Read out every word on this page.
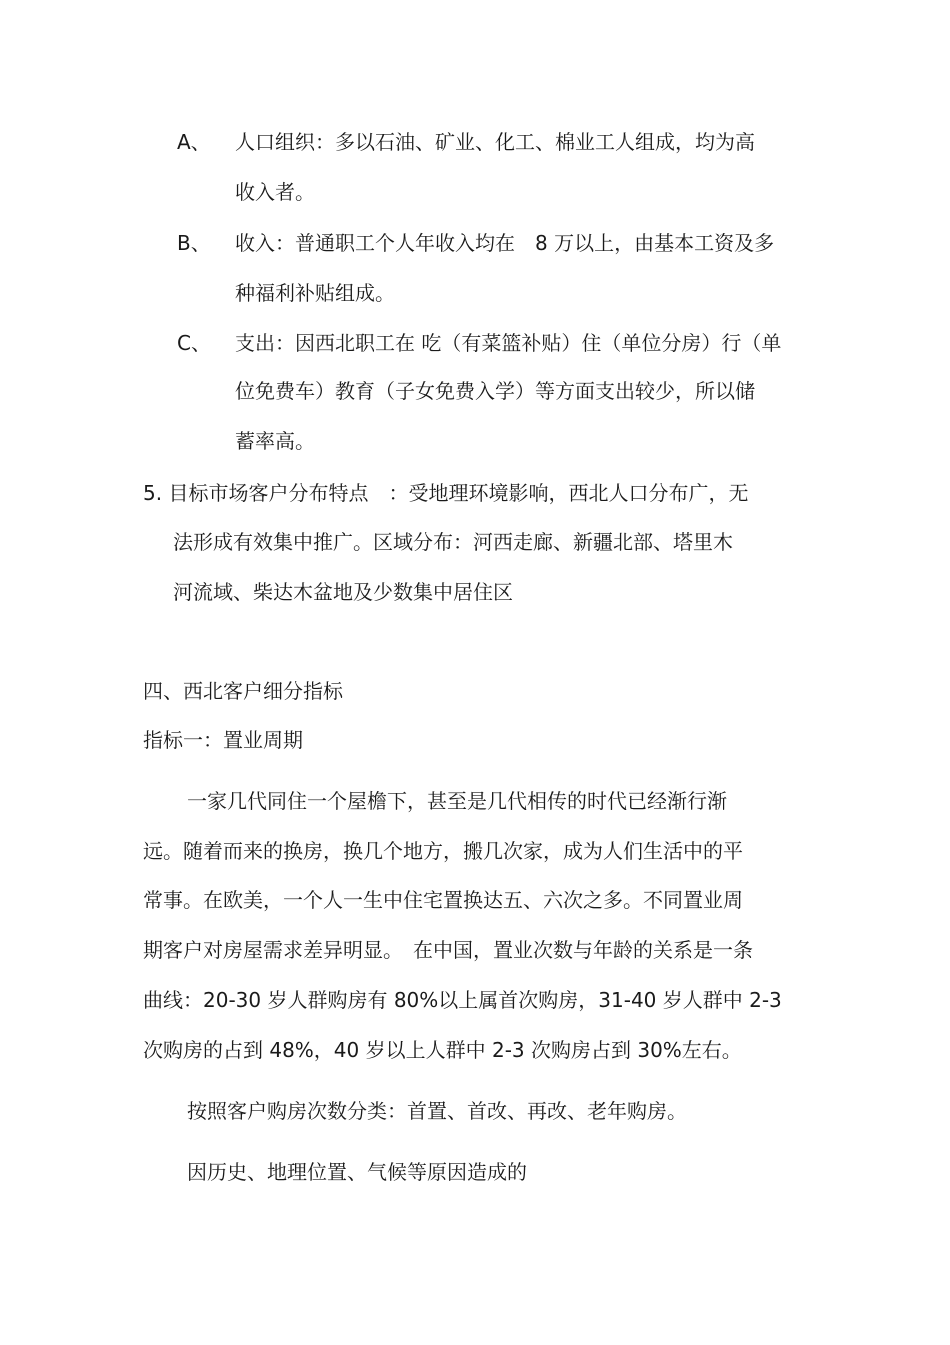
A、 人口组织：多以石油、矿业、化工、棉业工人组成，均为高
收入者。
B、 收入：普通职工个人年收入均在　8 万以上，由基本工资及多
种福利补贴组成。
C、 支出：因西北职工在 吃（有菜篮补贴）住（单位分房）行（单
位免费车）教育（子女免费入学）等方面支出较少，所以储
蓄率高。
5. 目标市场客户分布特点　：受地理环境影响，西北人口分布广，无
法形成有效集中推广。区域分布：河西走廊、新疆北部、塔里木
河流域、柴达木盆地及少数集中居住区
四、西北客户细分指标
指标一：置业周期
一家几代同住一个屋檐下，甚至是几代相传的时代已经渐行渐
远。随着而来的换房，换几个地方，搬几次家，成为人们生活中的平
常事。在欧美，一个人一生中住宅置换达五、六次之多。不同置业周
期客户对房屋需求差异明显。　在中国，置业次数与年龄的关系是一条
曲线：20-30 岁人群购房有 80%以上属首次购房，31-40 岁人群中 2-3
次购房的占到 48%，40 岁以上人群中 2-3 次购房占到 30%左右。
按照客户购房次数分类：首置、首改、再改、老年购房。
因历史、地理位置、气候等原因造成的
